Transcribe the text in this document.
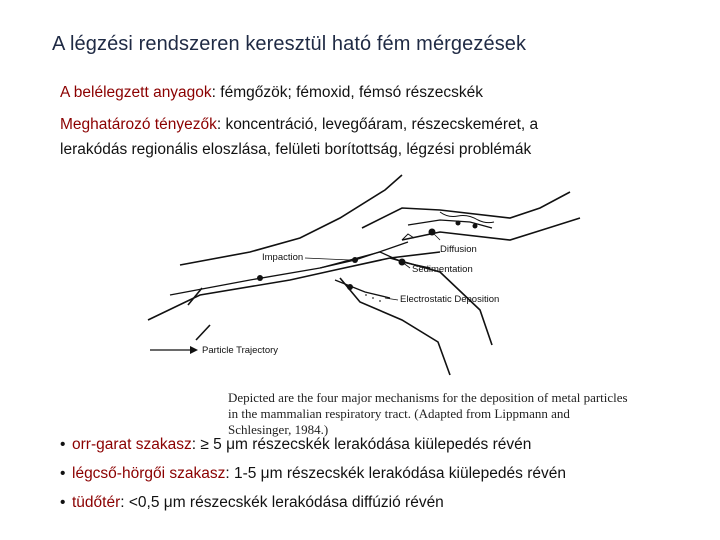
A légzési rendszeren keresztül ható fém mérgezések
A belélegzett anyagok: fémgőzök; fémoxid, fémsó részecskék
Meghatározó tényezők: koncentráció, levegőáram, részecskeméret, a
lerakódás regionális eloszlása, felületi borítottság, légzési problémák
Impaction
Diffusion
Sedimentation
Electrostatic Deposition
Particle Trajectory
Depicted are the four major mechanisms for the deposition of metal particles in the mammalian respiratory tract. (Adapted from Lippmann and Schlesinger, 1984.)
• orr-garat szakasz: ≥ 5 μm részecskék lerakódása kiülepedés révén
• légcső-hörgői szakasz: 1-5 μm részecskék lerakódása kiülepedés révén
• tüdőtér: <0,5 μm részecskék lerakódása diffúzió révén
